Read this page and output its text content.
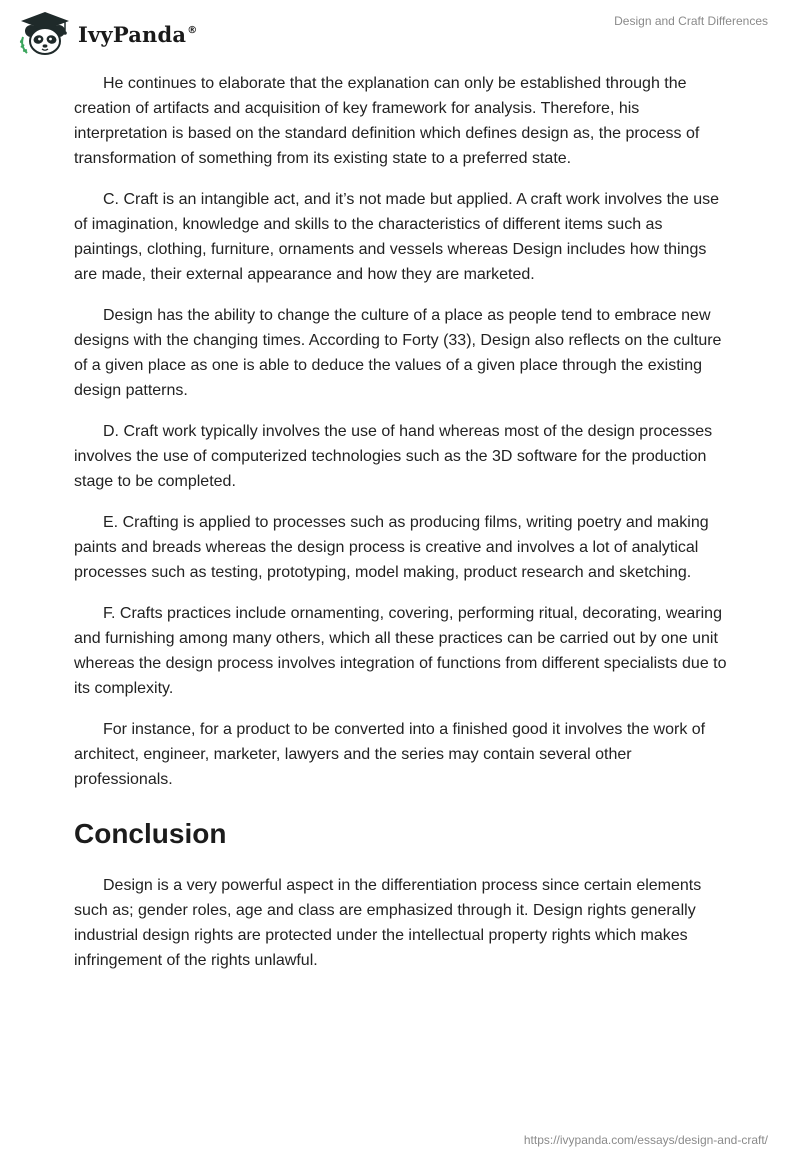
IvyPanda®
Design and Craft Differences

He continues to elaborate that the explanation can only be established through the creation of artifacts and acquisition of key framework for analysis. Therefore, his interpretation is based on the standard definition which defines design as, the process of transformation of something from its existing state to a preferred state.

C. Craft is an intangible act, and it’s not made but applied. A craft work involves the use of imagination, knowledge and skills to the characteristics of different items such as paintings, clothing, furniture, ornaments and vessels whereas Design includes how things are made, their external appearance and how they are marketed.

Design has the ability to change the culture of a place as people tend to embrace new designs with the changing times. According to Forty (33), Design also reflects on the culture of a given place as one is able to deduce the values of a given place through the existing design patterns.

D. Craft work typically involves the use of hand whereas most of the design processes involves the use of computerized technologies such as the 3D software for the production stage to be completed.

E. Crafting is applied to processes such as producing films, writing poetry and making paints and breads whereas the design process is creative and involves a lot of analytical processes such as testing, prototyping, model making, product research and sketching.

F. Crafts practices include ornamenting, covering, performing ritual, decorating, wearing and furnishing among many others, which all these practices can be carried out by one unit whereas the design process involves integration of functions from different specialists due to its complexity.

For instance, for a product to be converted into a finished good it involves the work of architect, engineer, marketer, lawyers and the series may contain several other professionals.

Conclusion

Design is a very powerful aspect in the differentiation process since certain elements such as; gender roles, age and class are emphasized through it. Design rights generally industrial design rights are protected under the intellectual property rights which makes infringement of the rights unlawful.

https://ivypanda.com/essays/design-and-craft/
